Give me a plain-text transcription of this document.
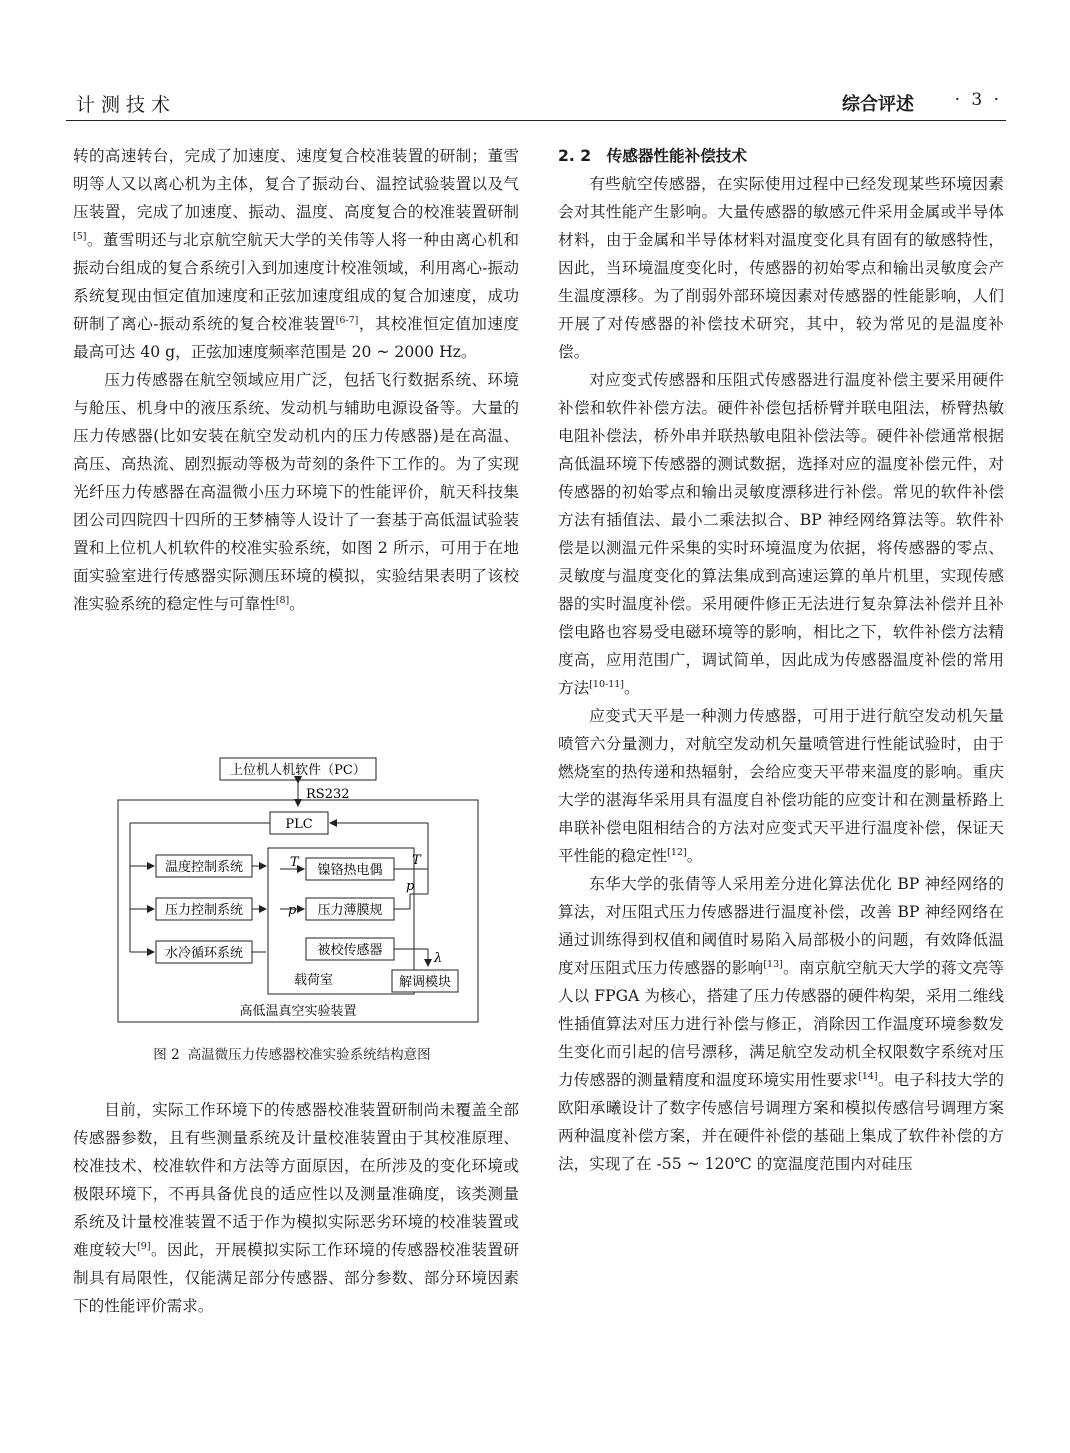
计测技术	综合评述 · 3 ·

转的高速转台，完成了加速度、速度复合校准装置的研制；董雪明等人又以离心机为主体，复合了振动台、温控试验装置以及气压装置，完成了加速度、振动、温度、高度复合的校准装置研制[5]。董雪明还与北京航空航天大学的关伟等人将一种由离心机和振动台组成的复合系统引入到加速度计校准领域，利用离心-振动系统复现由恒定值加速度和正弦加速度组成的复合加速度，成功研制了离心-振动系统的复合校准装置[6-7]，其校准恒定值加速度最高可达 40 g，正弦加速度频率范围是 20 ~ 2000 Hz。

压力传感器在航空领域应用广泛，包括飞行数据系统、环境与舱压、机身中的液压系统、发动机与辅助电源设备等。大量的压力传感器(比如安装在航空发动机内的压力传感器)是在高温、高压、高热流、剧烈振动等极为苛刻的条件下工作的。为了实现光纤压力传感器在高温微小压力环境下的性能评价，航天科技集团公司四院四十四所的王梦楠等人设计了一套基于高低温试验装置和上位机人机软件的校准实验系统，如图 2 所示，可用于在地面实验室进行传感器实际测压环境的模拟，实验结果表明了该校准实验系统的稳定性与可靠性[8]。

上位机人机软件（PC）
RS232
高低温真空实验装置
PLC
温度控制系统
压力控制系统
水冷循环系统
载荷室
T
p
镍铬热电偶
压力薄膜规
被校传感器
T
p
λ
解调模块
图 2 高温微压力传感器校准实验系统结构意图

目前，实际工作环境下的传感器校准装置研制尚未覆盖全部传感器参数，且有些测量系统及计量校准装置由于其校准原理、校准技术、校准软件和方法等方面原因，在所涉及的变化环境或极限环境下，不再具备优良的适应性以及测量准确度，该类测量系统及计量校准装置不适于作为模拟实际恶劣环境的校准装置或难度较大[9]。因此，开展模拟实际工作环境的传感器校准装置研制具有局限性，仅能满足部分传感器、部分参数、部分环境因素下的性能评价需求。

2. 2　传感器性能补偿技术

有些航空传感器，在实际使用过程中已经发现某些环境因素会对其性能产生影响。大量传感器的敏感元件采用金属或半导体材料，由于金属和半导体材料对温度变化具有固有的敏感特性，因此，当环境温度变化时，传感器的初始零点和输出灵敏度会产生温度漂移。为了削弱外部环境因素对传感器的性能影响，人们开展了对传感器的补偿技术研究，其中，较为常见的是温度补偿。

对应变式传感器和压阻式传感器进行温度补偿主要采用硬件补偿和软件补偿方法。硬件补偿包括桥臂并联电阻法，桥臂热敏电阻补偿法，桥外串并联热敏电阻补偿法等。硬件补偿通常根据高低温环境下传感器的测试数据，选择对应的温度补偿元件，对传感器的初始零点和输出灵敏度漂移进行补偿。常见的软件补偿方法有插值法、最小二乘法拟合、BP 神经网络算法等。软件补偿是以测温元件采集的实时环境温度为依据，将传感器的零点、灵敏度与温度变化的算法集成到高速运算的单片机里，实现传感器的实时温度补偿。采用硬件修正无法进行复杂算法补偿并且补偿电路也容易受电磁环境等的影响，相比之下，软件补偿方法精度高，应用范围广，调试简单，因此成为传感器温度补偿的常用方法[10-11]。

应变式天平是一种测力传感器，可用于进行航空发动机矢量喷管六分量测力，对航空发动机矢量喷管进行性能试验时，由于燃烧室的热传递和热辐射，会给应变天平带来温度的影响。重庆大学的湛海华采用具有温度自补偿功能的应变计和在测量桥路上串联补偿电阻相结合的方法对应变式天平进行温度补偿，保证天平性能的稳定性[12]。

东华大学的张倩等人采用差分进化算法优化 BP 神经网络的算法，对压阻式压力传感器进行温度补偿，改善 BP 神经网络在通过训练得到权值和阈值时易陷入局部极小的问题，有效降低温度对压阻式压力传感器的影响[13]。南京航空航天大学的蒋文亮等人以 FPGA 为核心，搭建了压力传感器的硬件构架，采用二维线性插值算法对压力进行补偿与修正，消除因工作温度环境参数发生变化而引起的信号漂移，满足航空发动机全权限数字系统对压力传感器的测量精度和温度环境实用性要求[14]。电子科技大学的欧阳承曦设计了数字传感信号调理方案和模拟传感信号调理方案两种温度补偿方案，并在硬件补偿的基础上集成了软件补偿的方法，实现了在 -55 ~ 120℃ 的宽温度范围内对硅压
